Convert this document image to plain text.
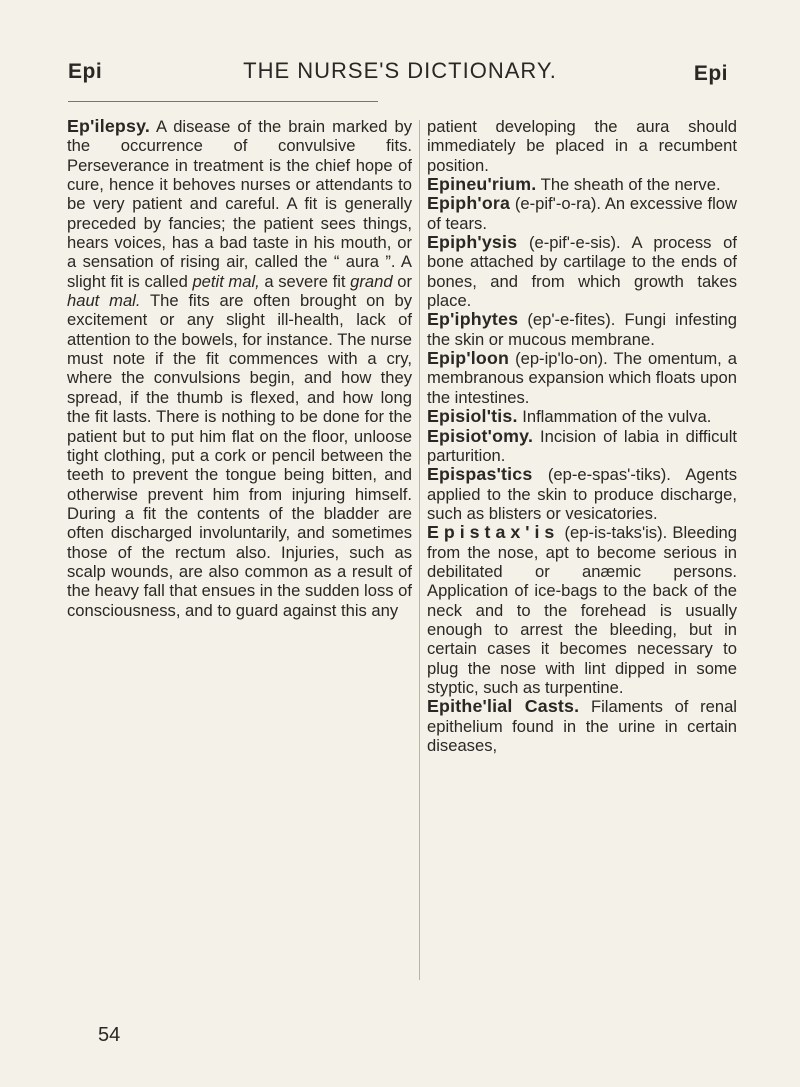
Epi	THE NURSE'S DICTIONARY.	Epi

Ep'ilepsy. A disease of the brain marked by the occurrence of convulsive fits. Perseverance in treatment is the chief hope of cure, hence it behoves nurses or attendants to be very patient and careful. A fit is generally preceded by fancies; the patient sees things, hears voices, has a bad taste in his mouth, or a sensation of rising air, called the “ aura ”. A slight fit is called petit mal, a severe fit grand or haut mal. The fits are often brought on by excitement or any slight ill-health, lack of attention to the bowels, for instance. The nurse must note if the fit commences with a cry, where the convulsions begin, and how they spread, if the thumb is flexed, and how long the fit lasts. There is nothing to be done for the patient but to put him flat on the floor, unloose tight clothing, put a cork or pencil between the teeth to prevent the tongue being bitten, and otherwise prevent him from injuring himself. During a fit the contents of the bladder are often discharged involuntarily, and sometimes those of the rectum also. Injuries, such as scalp wounds, are also common as a result of the heavy fall that ensues in the sudden loss of consciousness, and to guard against this any

patient developing the aura should immediately be placed in a recumbent position.

Epineu'rium. The sheath of the nerve.

Epiph'ora (e-pif'-o-ra). An excessive flow of tears.

Epiph'ysis (e-pif'-e-sis). A process of bone attached by cartilage to the ends of bones, and from which growth takes place.

Ep'iphytes (ep'-e-fites). Fungi infesting the skin or mucous membrane.

Epip'loon (ep-ip'lo-on). The omentum, a membranous expansion which floats upon the intestines.

Episiol'tis. Inflammation of the vulva.

Episiot'omy. Incision of labia in difficult parturition.

Epispas'tics (ep-e-spas'-tiks). Agents applied to the skin to produce discharge, such as blisters or vesicatories.

Epistax'is (ep-is-taks'is). Bleeding from the nose, apt to become serious in debilitated or anæmic persons. Application of ice-bags to the back of the neck and to the forehead is usually enough to arrest the bleeding, but in certain cases it becomes necessary to plug the nose with lint dipped in some styptic, such as turpentine.

Epithe'lial Casts. Filaments of renal epithelium found in the urine in certain diseases,

54
